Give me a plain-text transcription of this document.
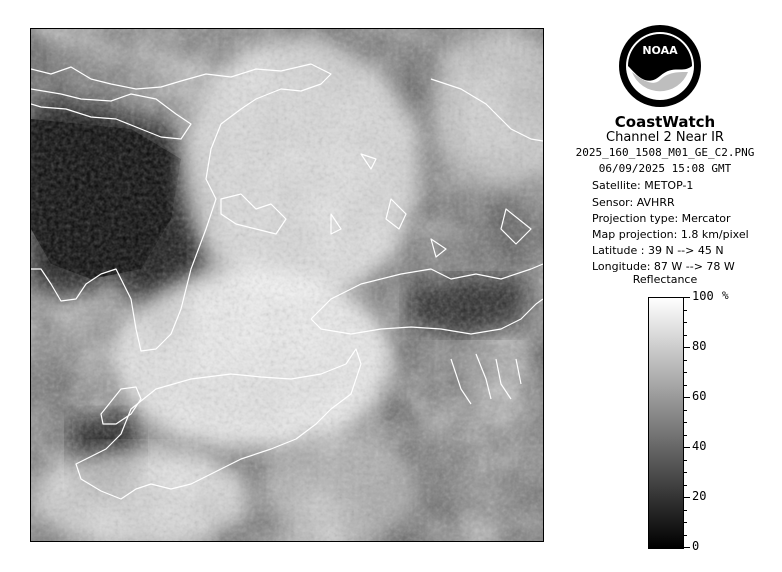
NOAA
CoastWatch
Channel 2 Near IR
2025_160_1508_M01_GE_C2.PNG
06/09/2025 15:08 GMT
Satellite: METOP-1
Sensor: AVHRR
Projection type: Mercator
Map projection: 1.8 km/pixel
Latitude : 39 N --> 45 N
Longitude: 87 W --> 78 W
Reflectance
%
100
80
60
40
20
0
